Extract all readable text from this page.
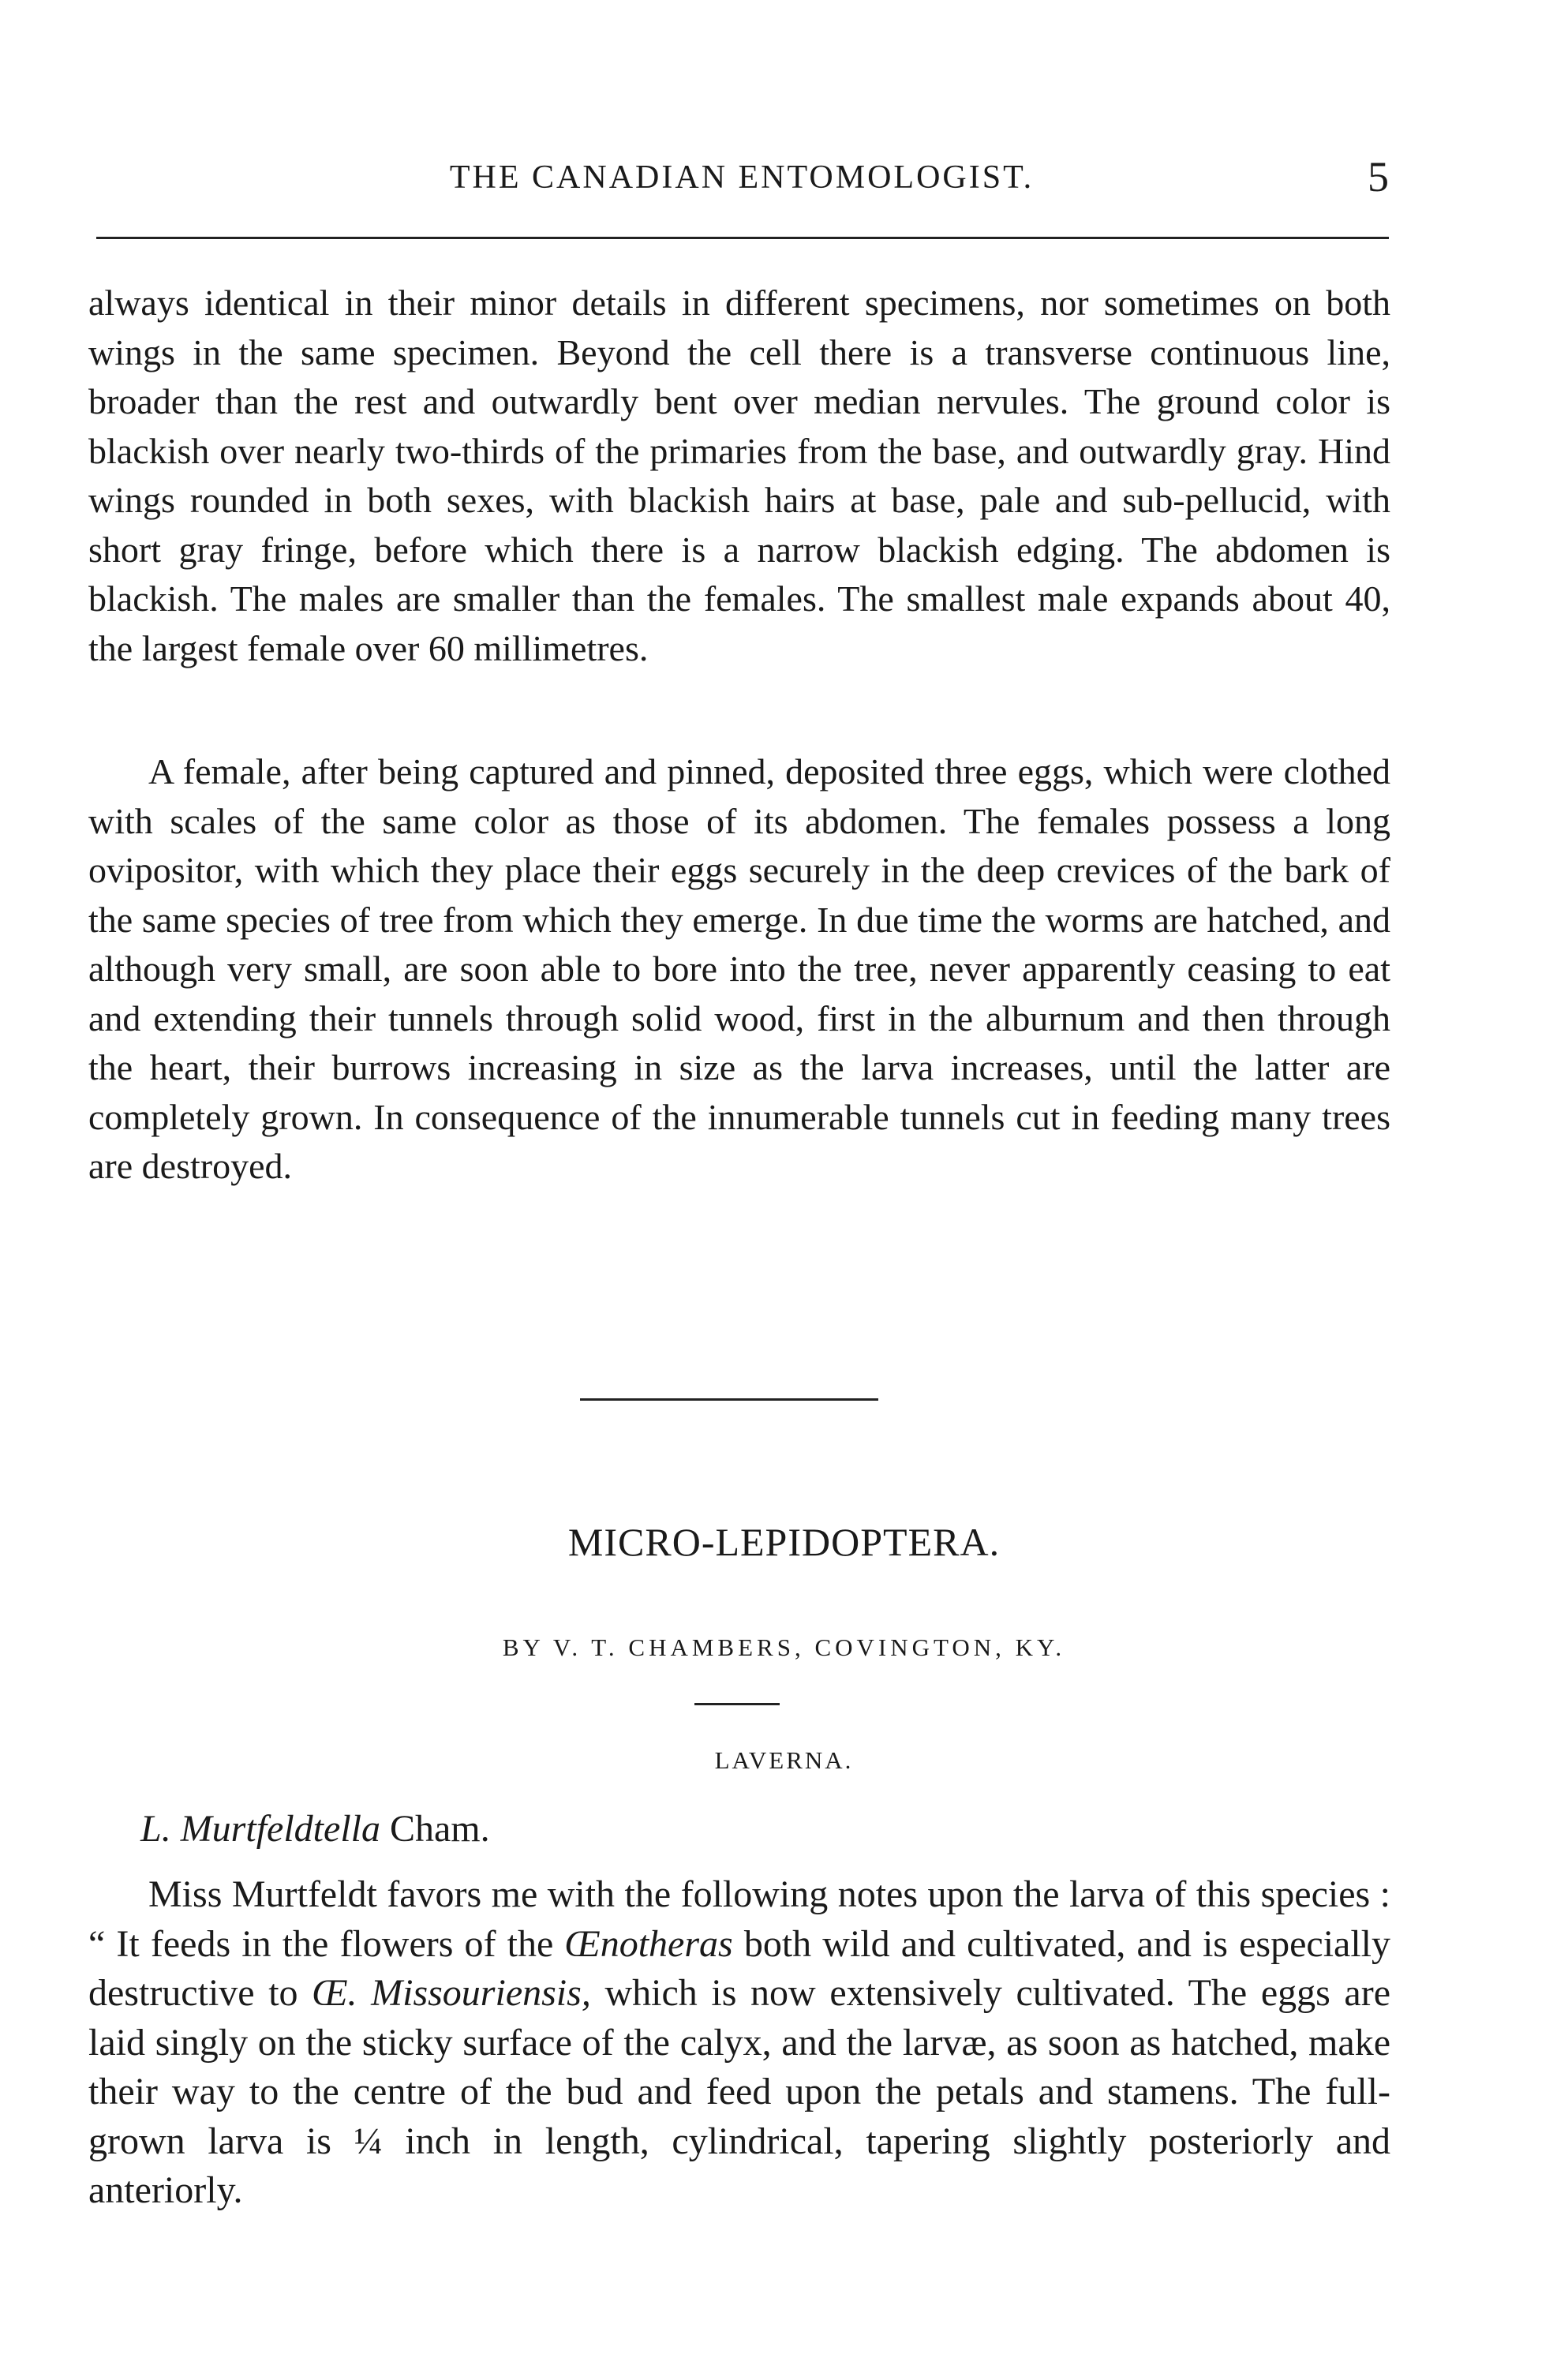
THE CANADIAN ENTOMOLOGIST.	5

always identical in their minor details in different specimens, nor sometimes on both wings in the same specimen. Beyond the cell there is a transverse continuous line, broader than the rest and outwardly bent over median nervules. The ground color is blackish over nearly two-thirds of the primaries from the base, and outwardly gray. Hind wings rounded in both sexes, with blackish hairs at base, pale and sub-pellucid, with short gray fringe, before which there is a narrow blackish edging. The abdomen is blackish. The males are smaller than the females. The smallest male expands about 40, the largest female over 60 millimetres.

A female, after being captured and pinned, deposited three eggs, which were clothed with scales of the same color as those of its abdomen. The females possess a long ovipositor, with which they place their eggs securely in the deep crevices of the bark of the same species of tree from which they emerge. In due time the worms are hatched, and although very small, are soon able to bore into the tree, never apparently ceasing to eat and extending their tunnels through solid wood, first in the alburnum and then through the heart, their burrows increasing in size as the larva increases, until the latter are completely grown. In consequence of the innumerable tunnels cut in feeding many trees are destroyed.

MICRO-LEPIDOPTERA.
BY V. T. CHAMBERS, COVINGTON, KY.
LAVERNA.
L. Murtfeldtella Cham.

Miss Murtfeldt favors me with the following notes upon the larva of this species : “ It feeds in the flowers of the Œnotheras both wild and cultivated, and is especially destructive to Œ. Missouriensis, which is now extensively cultivated. The eggs are laid singly on the sticky surface of the calyx, and the larvæ, as soon as hatched, make their way to the centre of the bud and feed upon the petals and stamens. The full-grown larva is ¼ inch in length, cylindrical, tapering slightly posteriorly and anteriorly.
